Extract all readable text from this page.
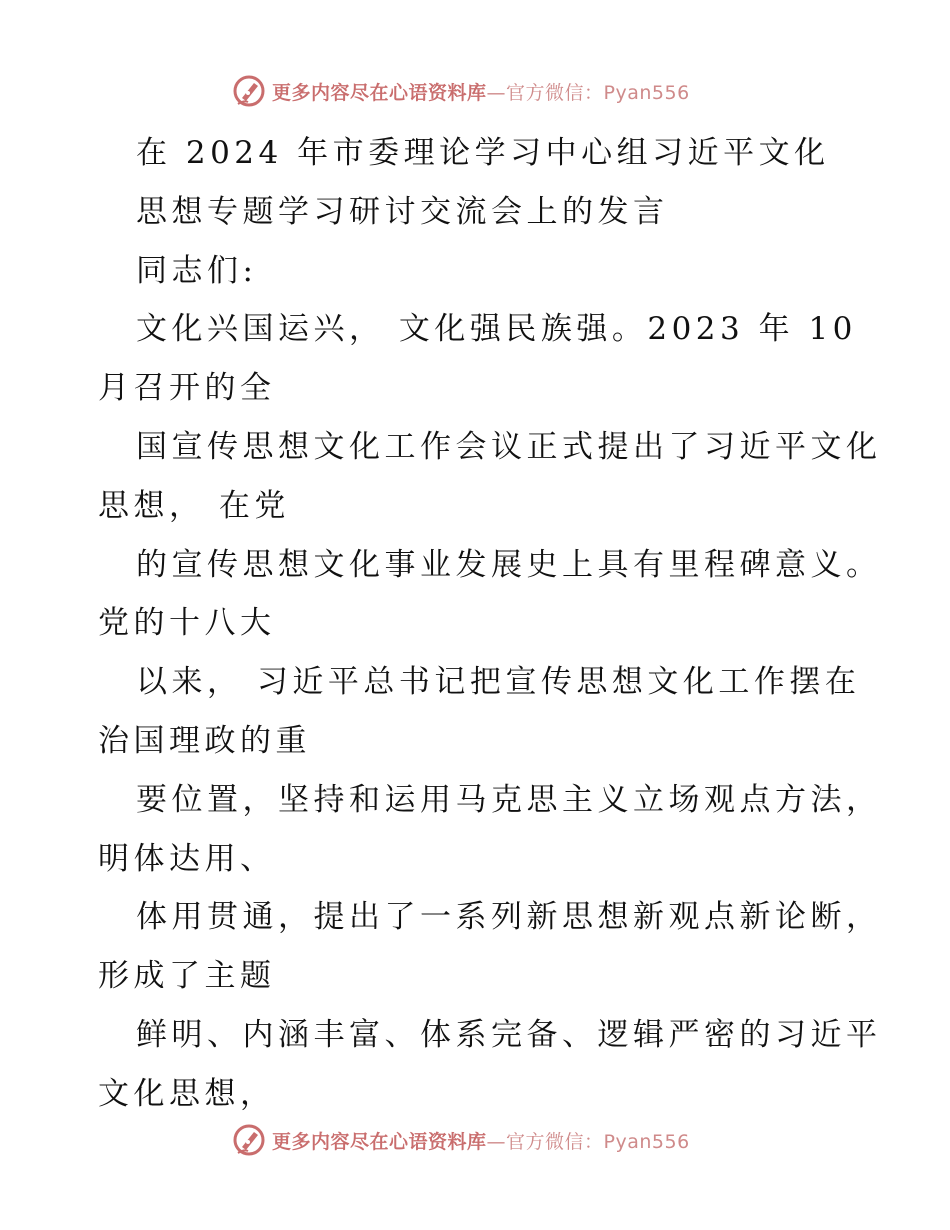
更多内容尽在心语资料库—官方微信：Pyan556
在 2024 年市委理论学习中心组习近平文化
思想专题学习研讨交流会上的发言
同志们:
文化兴国运兴， 文化强民族强。2023 年 10
月召开的全
国宣传思想文化工作会议正式提出了习近平文化
思想， 在党
的宣传思想文化事业发展史上具有里程碑意义。
党的十八大
以来， 习近平总书记把宣传思想文化工作摆在
治国理政的重
要位置，坚持和运用马克思主义立场观点方法，
明体达用、
体用贯通，提出了一系列新思想新观点新论断，
形成了主题
鲜明、内涵丰富、体系完备、逻辑严密的习近平
文化思想，
更多内容尽在心语资料库—官方微信：Pyan556
